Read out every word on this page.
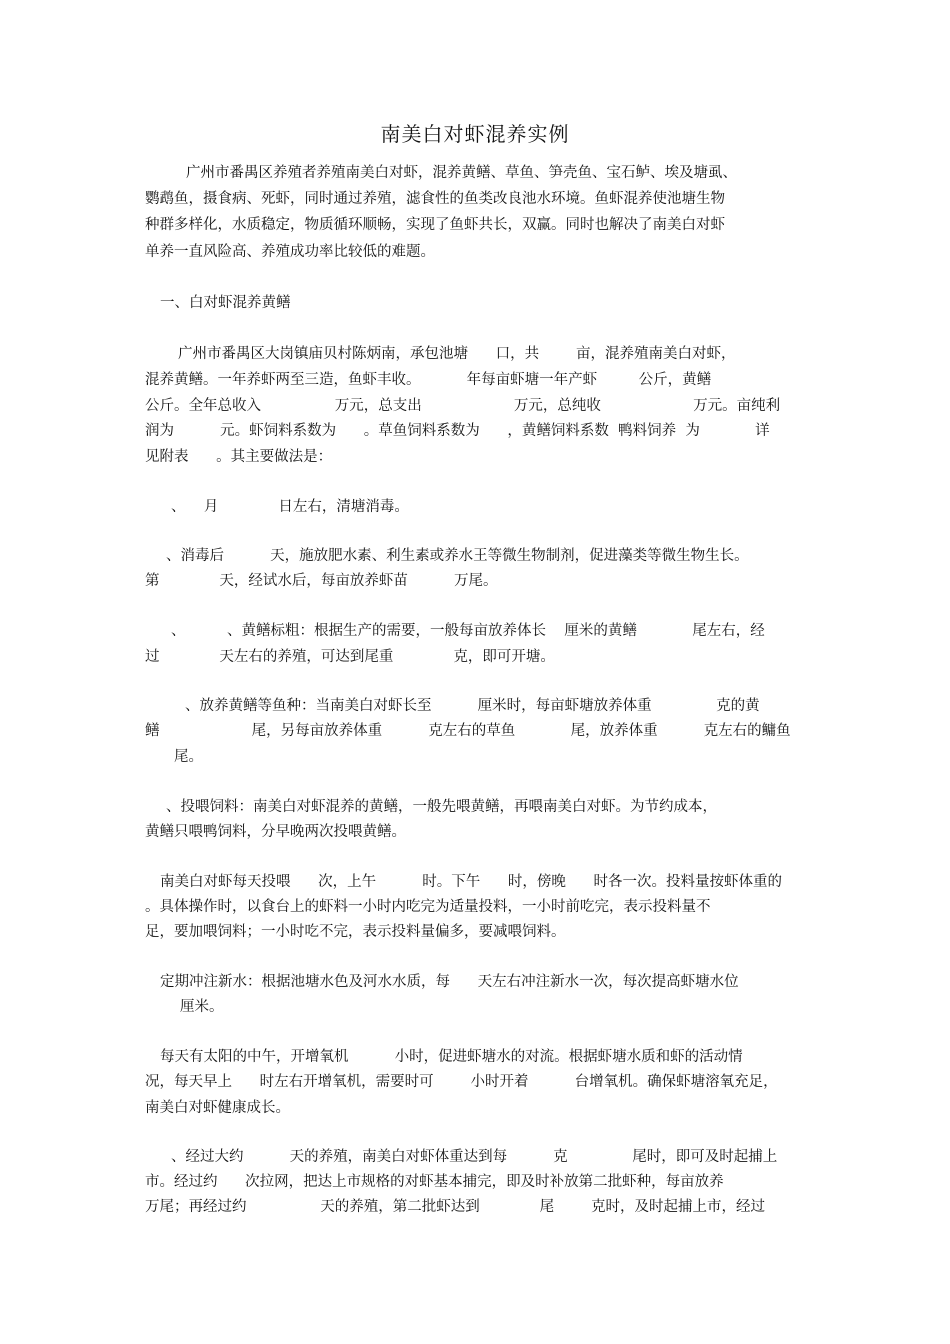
南美白对虾混养实例

广州市番禺区养殖者养殖南美白对虾，混养黄鳝、草鱼、笋壳鱼、宝石鲈、埃及塘虱、

鹦鹉鱼，摄食病、死虾，同时通过养殖，滤食性的鱼类改良池水环境。鱼虾混养使池塘生物

种群多样化，水质稳定，物质循环顺畅，实现了鱼虾共长，双赢。同时也解决了南美白对虾

单养一直风险高、养殖成功率比较低的难题。

一、白对虾混养黄鳝

广州市番禺区大岗镇庙贝村陈炳南，承包池塘      口，共        亩，混养殖南美白对虾，

混养黄鳝。一年养虾两至三造，鱼虾丰收。          年每亩虾塘一年产虾         公斤，黄鳝

公斤。全年总收入                万元，总支出                    万元，总纯收                    万元。亩纯利

润为          元。虾饲料系数为      。草鱼饲料系数为      ，黄鳝饲料系数  鸭料饲养  为            详

见附表      。其主要做法是：

、    月             日左右，清塘消毒。

、消毒后          天，施放肥水素、利生素或养水王等微生物制剂，促进藻类等微生物生长。

第             天，经试水后，每亩放养虾苗          万尾。

、         、黄鳝标粗：根据生产的需要，一般每亩放养体长    厘米的黄鳝            尾左右，经

过             天左右的养殖，可达到尾重             克，即可开塘。

、放养黄鳝等鱼种：当南美白对虾长至          厘米时，每亩虾塘放养体重              克的黄

鳝                    尾，另每亩放养体重          克左右的草鱼            尾，放养体重          克左右的鳙鱼

尾。

、投喂饲料：南美白对虾混养的黄鳝，一般先喂黄鳝，再喂南美白对虾。为节约成本，

黄鳝只喂鸭饲料，分早晚两次投喂黄鳝。

南美白对虾每天投喂      次，上午          时。下午      时，傍晚      时各一次。投料量按虾体重的

。具体操作时，以食台上的虾料一小时内吃完为适量投料，一小时前吃完，表示投料量不

足，要加喂饲料；一小时吃不完，表示投料量偏多，要减喂饲料。

定期冲注新水：根据池塘水色及河水水质，每      天左右冲注新水一次，每次提高虾塘水位

厘米。

每天有太阳的中午，开增氧机          小时，促进虾塘水的对流。根据虾塘水质和虾的活动情

况，每天早上      时左右开增氧机，需要时可        小时开着          台增氧机。确保虾塘溶氧充足，

南美白对虾健康成长。

、经过大约          天的养殖，南美白对虾体重达到每          克              尾时，即可及时起捕上

市。经过约      次拉网，把达上市规格的对虾基本捕完，即及时补放第二批虾种，每亩放养

万尾；再经过约                天的养殖，第二批虾达到             尾        克时，及时起捕上市，经过
